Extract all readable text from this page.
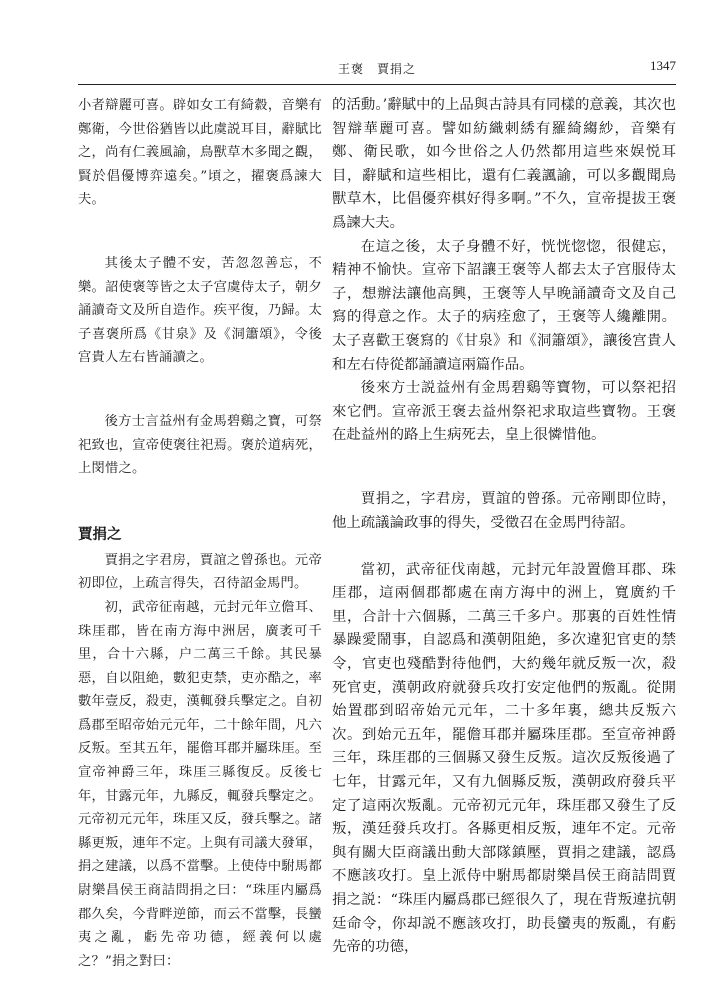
王褒　賈捐之	1347

小者辯麗可喜。辟如女工有綺縠，音樂有鄭衛，今世俗猶皆以此虞説耳目，辭賦比之，尚有仁義風諭，鳥獸草木多聞之觀，賢於倡優博弈遠矣。”頃之，擢褒爲諫大夫。

其後太子體不安，苦忽忽善忘，不樂。詔使褒等皆之太子宫虞侍太子，朝夕誦讀奇文及所自造作。疾平復，乃歸。太子喜褒所爲《甘泉》及《洞簫頌》，令後宫貴人左右皆誦讀之。

後方士言益州有金馬碧鷄之寶，可祭祀致也，宣帝使褒往祀焉。褒於道病死，上閔惜之。

賈捐之

賈捐之字君房，賈誼之曾孫也。元帝初即位，上疏言得失，召待詔金馬門。

初，武帝征南越，元封元年立儋耳、珠厓郡，皆在南方海中洲居，廣袤可千里，合十六縣，户二萬三千餘。其民暴惡，自以阻絶，數犯吏禁，吏亦酷之，率數年壹反，殺吏，漢輒發兵擊定之。自初爲郡至昭帝始元元年，二十餘年間，凡六反叛。至其五年，罷儋耳郡并屬珠厓。至宣帝神爵三年，珠厓三縣復反。反後七年，甘露元年，九縣反，輒發兵擊定之。元帝初元元年，珠厓又反，發兵擊之。諸縣更叛，連年不定。上與有司議大發軍，捐之建議，以爲不當擊。上使侍中駙馬都尉樂昌侯王商詰問捐之曰：“珠厓内屬爲郡久矣，今背畔逆節，而云不當擊，長蠻夷之亂，虧先帝功德，經義何以處之？”捐之對曰：

的活動。’辭賦中的上品與古詩具有同樣的意義，其次也智辯華麗可喜。譬如紡織刺綉有羅綺縐紗，音樂有鄭、衛民歌，如今世俗之人仍然都用這些來娱悦耳目，辭賦和這些相比，還有仁義諷諭，可以多觀聞鳥獸草木，比倡優弈棋好得多啊。”不久，宣帝提拔王褒爲諫大夫。

在這之後，太子身體不好，恍恍惚惚，很健忘，精神不愉快。宣帝下詔讓王褒等人都去太子宫服侍太子，想辦法讓他高興，王褒等人早晚誦讀奇文及自己寫的得意之作。太子的病痊愈了，王褒等人纔離開。太子喜歡王褒寫的《甘泉》和《洞簫頌》，讓後宫貴人和左右侍從都誦讀這兩篇作品。

後來方士説益州有金馬碧鷄等寶物，可以祭祀招來它們。宣帝派王褒去益州祭祀求取這些寶物。王褒在赴益州的路上生病死去，皇上很憐惜他。

賈捐之，字君房，賈誼的曾孫。元帝剛即位時，他上疏議論政事的得失，受徵召在金馬門待詔。

當初，武帝征伐南越，元封元年設置儋耳郡、珠厓郡，這兩個郡都處在南方海中的洲上，寬廣約千里，合計十六個縣，二萬三千多户。那裏的百姓性情暴躁愛鬧事，自認爲和漢朝阻絶，多次違犯官吏的禁令，官吏也殘酷對待他們，大約幾年就反叛一次，殺死官吏，漢朝政府就發兵攻打安定他們的叛亂。從開始置郡到昭帝始元元年，二十多年裏，總共反叛六次。到始元五年，罷儋耳郡并屬珠厓郡。至宣帝神爵三年，珠厓郡的三個縣又發生反叛。這次反叛後過了七年，甘露元年，又有九個縣反叛，漢朝政府發兵平定了這兩次叛亂。元帝初元元年，珠厓郡又發生了反叛，漢廷發兵攻打。各縣更相反叛，連年不定。元帝與有關大臣商議出動大部隊鎮壓，賈捐之建議，認爲不應該攻打。皇上派侍中駙馬都尉樂昌侯王商詰問賈捐之説：“珠厓内屬爲郡已經很久了，現在背叛違抗朝廷命令，你却説不應該攻打，助長蠻夷的叛亂，有虧先帝的功德，
